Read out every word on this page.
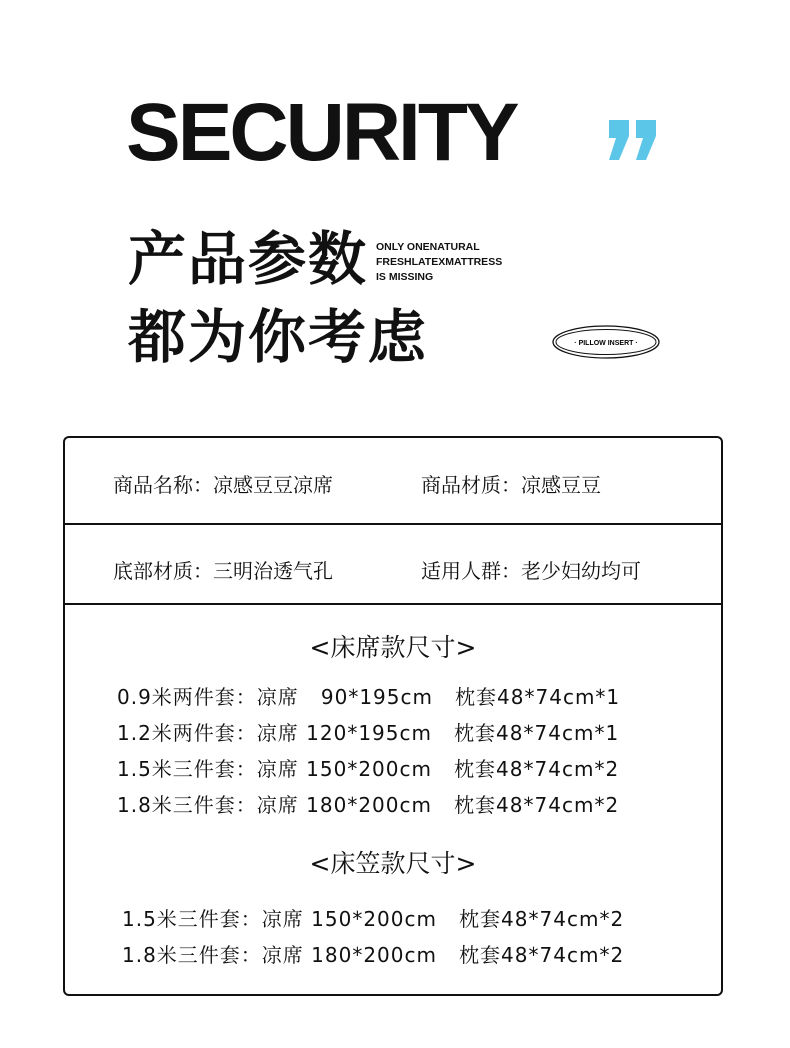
SECURITY
产品参数
都为你考虑
ONLY ONENATURAL
FRESHLATEXMATTRESS
IS MISSING
· PILLOW INSERT ·
商品名称：凉感豆豆凉席	商品材质：凉感豆豆
底部材质：三明治透气孔	适用人群：老少妇幼均可
<床席款尺寸>
0.9米两件套：凉席   90*195cm   枕套48*74cm*1
1.2米两件套：凉席 120*195cm   枕套48*74cm*1
1.5米三件套：凉席 150*200cm   枕套48*74cm*2
1.8米三件套：凉席 180*200cm   枕套48*74cm*2
<床笠款尺寸>
1.5米三件套：凉席 150*200cm   枕套48*74cm*2
1.8米三件套：凉席 180*200cm   枕套48*74cm*2
